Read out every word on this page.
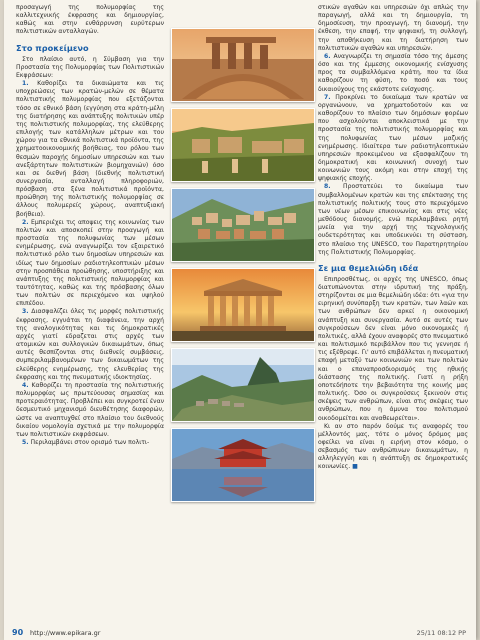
προσαγωγή της πολυμορφίας της καλλιτεχνικής έκφρασης και δημιουργίας, καθώς και στην ενθάρρυνση ευρύτερων πολιτιστικών ανταλλαγών.

Στο προκείμενο

Στο πλαίσιο αυτό, η Σύμβαση για την Προστασία της Πολυμορφίας των Πολιτιστικών Εκφράσεων:

1. Καθορίζει τα δικαιώματα και τις υποχρεώσεις των κρατών-μελών σε θέματα πολιτιστικής πολυμορφίας που εξετάζονται τόσο σε εθνικό βάση (εγγύηση στα κράτη-μέλη της διατήρησης και ανάπτυξης πολιτικών υπέρ της πολιτιστικής πολυμορφίας, της ελεύθερης επιλογής των κατάλληλων μέτρων και του χώρου για τα εθνικά πολιτιστικά προϊόντα, της χρηματοοικονομικής βοήθειας, του ρόλου των θεσμών παροχής δημοσίων υπηρεσιών και των ανεξάρτητων πολιτιστικών βιομηχανιών) όσο και σε διεθνή βάση (διεθνής πολιτιστική συνεργασία, ανταλλαγή πληροφοριών, πρόσβαση στα ξένα πολιτιστικά προϊόντα, προώθηση της πολιτιστικής πολυμορφίας σε άλλους πολυμερείς χώρους, αναπτυξιακή βοήθεια).

2. Εμπεριέχει τις αποψεις της κοινωνίας των πολιτών και αποσκοπεί στην προαγωγή και προστασία της πολυφωνίας των μέσων ενημέρωσης, ενώ αναγνωρίζει τον εξαιρετικό πολιτιστικό ρόλο των δημοσίων υπηρεσιών και ιδίως των δημοσίων ραδιοτηλεοπτικών μέσων στην προσπάθεια προώθησης, υποστήριξης και ανάπτυξης της πολιτιστικής πολυμορφίας και ταυτότητας, καθώς και της πρόσβασης όλων των πολιτών σε περιεχόμενο και υψηλού επιπέδου.

3. Διασφαλίζει όλες τις μορφές πολιτιστικής έκφρασης, εγγυάται τη διαφάνεια, την αρχή της αναλογικότητας και τις δημοκρατικές αρχές γιατί εδραζεται στις αρχές των ατομικών και συλλογικών δικαιωμάτων, όπως αυτές θεσπίζονται στις διεθνείς συμβάσεις, συμπεριλαμβανομένων των δικαιωμάτων της ελεύθερης ενημέρωσης, της ελευθερίας της έκφρασης και της πνευματικής ιδιοκτησίας.

4. Καθορίζει τη προστασία της πολιτιστικής πολυμορφίας ως πρωτεύουσας σημασίας και προτεραιότητας. Προβλέπει και συγκροτεί έναν δεσμευτικό μηχανισμό διευθέτησης διαφορών, ώστε να αναπτυχθεί στο πλαίσιο του διεθνούς δικαίου νομολογία σχετικά με την πολυμορφία των πολιτιστικών εκφράσεων.

5. Περιλαμβάνει στον ορισμό των πολιτι-

στικών αγαθών και υπηρεσιών όχι απλώς την παραγωγή, αλλά και τη δημιουργία, τη δημοσίευση, την προαγωγή, τη διανομή, την έκθεση, την επαφή, την ψηφιακή, τη συλλογή, την αποθήκευση και τη διατήρηση των πολιτιστικών αγαθών και υπηρεσιών.

6. Αναγνωρίζει τη σημασία τόσο της άμεσης όσο και της έμμεσης οικονομικής ενίσχυσης προς τα συμβαλλόμενα κράτη, που τα ίδια καθορίζουν τη φύση, το ποσό και τους δικαιούχους της εκάστοτε ενίσχυσης.

7. Προκρίνει το δικαίωμα των κρατών να οργανώνουν, να χρηματοδοτούν και να καθορίζουν το πλαίσιο των δημόσιων φορέων που ασχολούνται αποκλειστικά με την προστασία της πολιτιστικής πολυμορφίας και της πολυφωνίας των μέσων μαζικής ενημέρωσης. Ιδιαίτερα των ραδιοτηλεοπτικών υπηρεσιών προκειμένου να εξασφαλίζουν τη δημοκρατική και κοινωνική συνοχή των κοινωνιών τους ακόμη και στην εποχή της ψηφιακής εποχής.

8. Προστατεύει το δικαίωμα των συμβαλλομένων κρατών και της επέκτασης της πολιτιστικής πολιτικής τους στο περιεχόμενο των νέων μέσων επικοινωνίας και στις νέες μεθόδους διανομής, ενώ περιλαμβάνει ρητή μνεία για την αρχή της τεχνολογικής ουδετερότητας και υποδεικνύει τη σύσταση, στο πλαίσιο της UNESCO, του Παρατηρητηρίου της Πολιτιστικής Πολυμορφίας.

Σε μια θεμελιώδη ιδέα

Επιπροσθέτως, οι αρχές της UNESCO, όπως διατυπώνονται στην ιδρυτική της πράξη, στηρίζονται σε μια θεμελιώδη ιδέα: ότι «για την ειρηνική συνύπαρξη των κρατών, των λαών και των ανθρώπων δεν αρκεί η οικονομική ανάπτυξη και συνεργασία. Αυτό σε αυτές των συγκρούσεων δεν είναι μόνο οικονομικές ή πολιτικές, αλλά έχουν αναφορές στο πνευματικό και πολιτισμικό περιβάλλον που τις γεννησε ή τις εξέθρεψε. Γι' αυτό επιβάλλεται η πνευματική επαφή μεταξύ των κοινωνιών και των πολιτών και ο επαναπροσδιορισμός της ηθικής διάστασης της πολιτικής. Γιατί η ρήξη οποτεδήποτε την βεβαιότητα της κοινής μας πολιτικής. Όσο οι συγκρούσεις ξεκινούν στις σκέψεις των ανθρώπων, είναι στις σκέψεις των ανθρώπων, που η άμυνα του πολιτισμού οικοδομείται και αναθεωρείται».

Κι αν στο παρόν δούμε τις αναφορές του μέλλοντός μας, τότε ο μόνος δρόμος μας οφείλει να είναι η ειρήνη στον κόσμο, ο σεβασμός των ανθρώπινων δικαιωμάτων, η αλληλεγγύη και η ανάπτυξη σε δημοκρατικές κοινωνίες. ■

90 http://www.epikara.gr	25/11 08:12 PP
